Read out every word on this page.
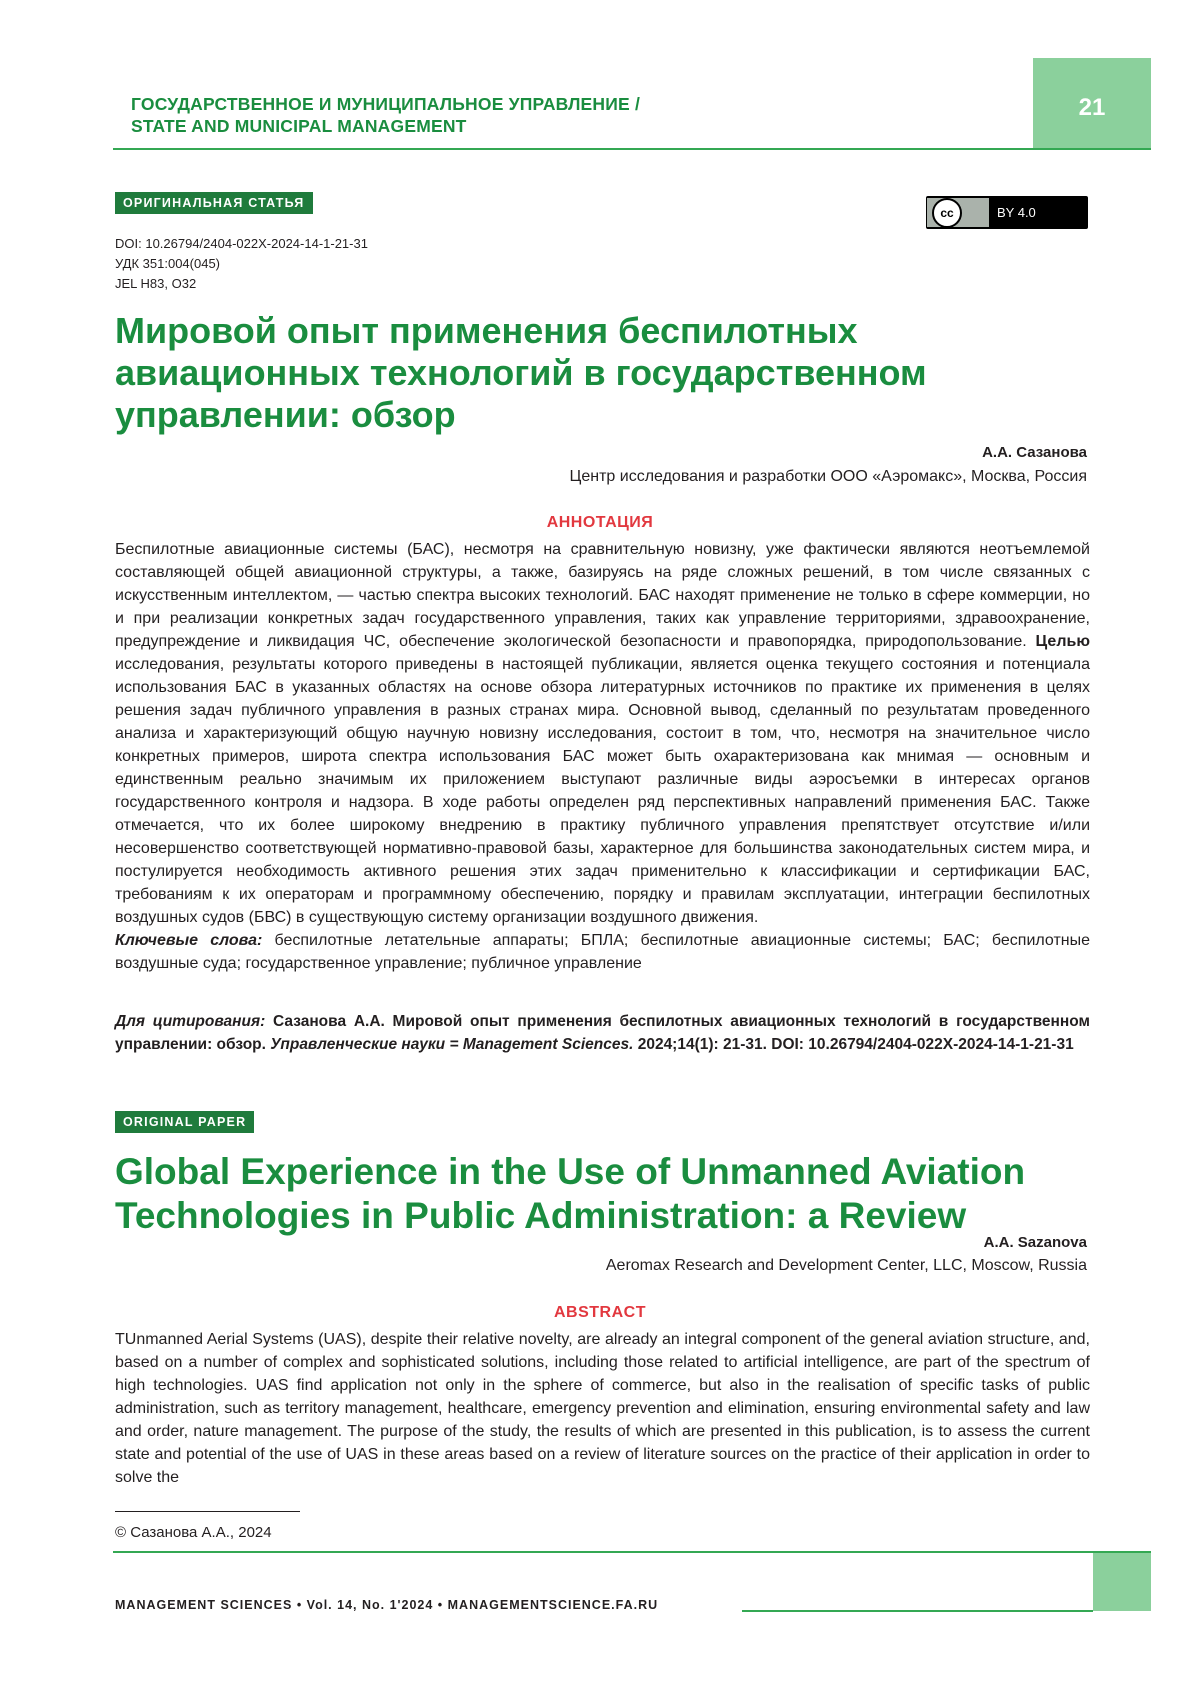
21
ГОСУДАРСТВЕННОЕ И МУНИЦИПАЛЬНОЕ УПРАВЛЕНИЕ /
STATE AND MUNICIPAL MANAGEMENT
ОРИГИНАЛЬНАЯ СТАТЬЯ
cc	BY 4.0
DOI: 10.26794/2404-022X-2024-14-1-21-31
УДК 351:004(045)
JEL H83, O32
Мировой опыт применения беспилотных авиационных технологий в государственном управлении: обзор
А.А. Сазанова
Центр исследования и разработки ООО «Аэромакс», Москва, Россия
АННОТАЦИЯ

Беспилотные авиационные системы (БАС), несмотря на сравнительную новизну, уже фактически являются неотъемлемой составляющей общей авиационной структуры, а также, базируясь на ряде сложных решений, в том числе связанных с искусственным интеллектом, — частью спектра высоких технологий. БАС находят применение не только в сфере коммерции, но и при реализации конкретных задач государственного управления, таких как управление территориями, здравоохранение, предупреждение и ликвидация ЧС, обеспечение экологической безопасности и правопорядка, природопользование. Целью исследования, результаты которого приведены в настоящей публикации, является оценка текущего состояния и потенциала использования БАС в указанных областях на основе обзора литературных источников по практике их применения в целях решения задач публичного управления в разных странах мира. Основной вывод, сделанный по результатам проведенного анализа и характеризующий общую научную новизну исследования, состоит в том, что, несмотря на значительное число конкретных примеров, широта спектра использования БАС может быть охарактеризована как мнимая — основным и единственным реально значимым их приложением выступают различные виды аэросъемки в интересах органов государственного контроля и надзора. В ходе работы определен ряд перспективных направлений применения БАС. Также отмечается, что их более широкому внедрению в практику публичного управления препятствует отсутствие и/или несовершенство соответствующей нормативно-правовой базы, характерное для большинства законодательных систем мира, и постулируется необходимость активного решения этих задач применительно к классификации и сертификации БАС, требованиям к их операторам и программному обеспечению, порядку и правилам эксплуатации, интеграции беспилотных воздушных судов (БВС) в существующую систему организации воздушного движения.

Ключевые слова: беспилотные летательные аппараты; БПЛА; беспилотные авиационные системы; БАС; беспилотные воздушные суда; государственное управление; публичное управление

Для цитирования: Сазанова А.А. Мировой опыт применения беспилотных авиационных технологий в государственном управлении: обзор. Управленческие науки = Management Sciences. 2024;14(1): 21-31. DOI: 10.26794/2404-022X-2024-14-1-21-31
ORIGINAL PAPER
Global Experience in the Use of Unmanned Aviation Technologies in Public Administration: a Review
A.A. Sazanova
Aeromax Research and Development Center, LLC, Moscow, Russia
ABSTRACT

TUnmanned Aerial Systems (UAS), despite their relative novelty, are already an integral component of the general aviation structure, and, based on a number of complex and sophisticated solutions, including those related to artificial intelligence, are part of the spectrum of high technologies. UAS find application not only in the sphere of commerce, but also in the realisation of specific tasks of public administration, such as territory management, healthcare, emergency prevention and elimination, ensuring environmental safety and law and order, nature management. The purpose of the study, the results of which are presented in this publication, is to assess the current state and potential of the use of UAS in these areas based on a review of literature sources on the practice of their application in order to solve the

© Сазанова А.А., 2024
MANAGEMENT SCIENCES • Vol. 14, No. 1'2024 • MANAGEMENTSCIENCE.FA.RU
